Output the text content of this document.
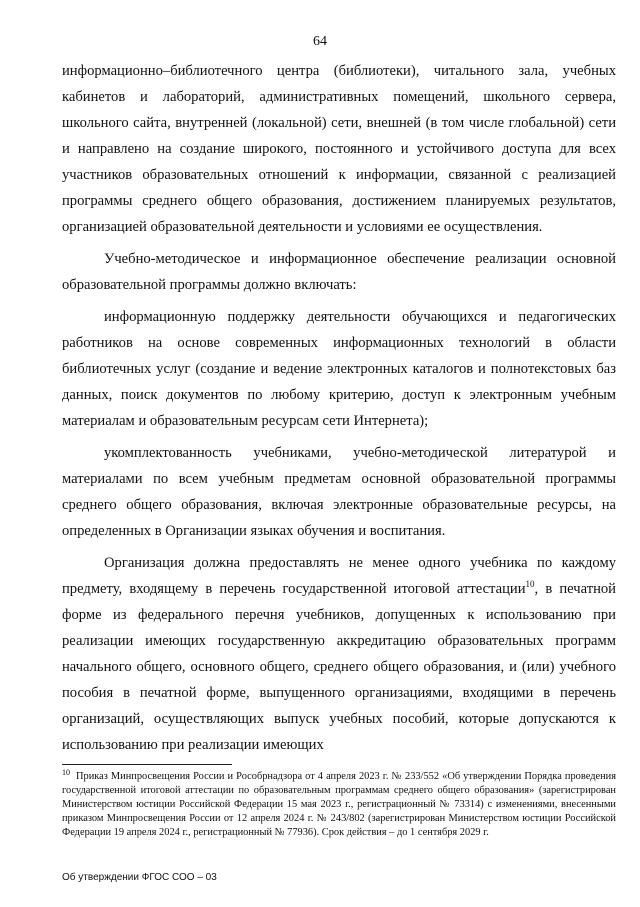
64

информационно–библиотечного центра (библиотеки), читального зала, учебных кабинетов и лабораторий, административных помещений, школьного сервера, школьного сайта, внутренней (локальной) сети, внешней (в том числе глобальной) сети и направлено на создание широкого, постоянного и устойчивого доступа для всех участников образовательных отношений к информации, связанной с реализацией программы среднего общего образования, достижением планируемых результатов, организацией образовательной деятельности и условиями ее осуществления.

Учебно-методическое и информационное обеспечение реализации основной образовательной программы должно включать:

информационную поддержку деятельности обучающихся и педагогических работников на основе современных информационных технологий в области библиотечных услуг (создание и ведение электронных каталогов и полнотекстовых баз данных, поиск документов по любому критерию, доступ к электронным учебным материалам и образовательным ресурсам сети Интернета);

укомплектованность учебниками, учебно-методической литературой и материалами по всем учебным предметам основной образовательной программы среднего общего образования, включая электронные образовательные ресурсы, на определенных в Организации языках обучения и воспитания.

Организация должна предоставлять не менее одного учебника по каждому предмету, входящему в перечень государственной итоговой аттестации$^{10}$, в печатной форме из федерального перечня учебников, допущенных к использованию при реализации имеющих государственную аккредитацию образовательных программ начального общего, основного общего, среднего общего образования, и (или) учебного пособия в печатной форме, выпущенного организациями, входящими в перечень организаций, осуществляющих выпуск учебных пособий, которые допускаются к использованию при реализации имеющих

$^{10}$ Приказ Минпросвещения России и Рособрнадзора от 4 апреля 2023 г. № 233/552 «Об утверждении Порядка проведения государственной итоговой аттестации по образовательным программам среднего общего образования» (зарегистрирован Министерством юстиции Российской Федерации 15 мая 2023 г., регистрационный № 73314) с изменениями, внесенными приказом Минпросвещения России от 12 апреля 2024 г. № 243/802 (зарегистрирован Министерством юстиции Российской Федерации 19 апреля 2024 г., регистрационный № 77936). Срок действия – до 1 сентября 2029 г.
Об утверждении ФГОС СОО – 03
